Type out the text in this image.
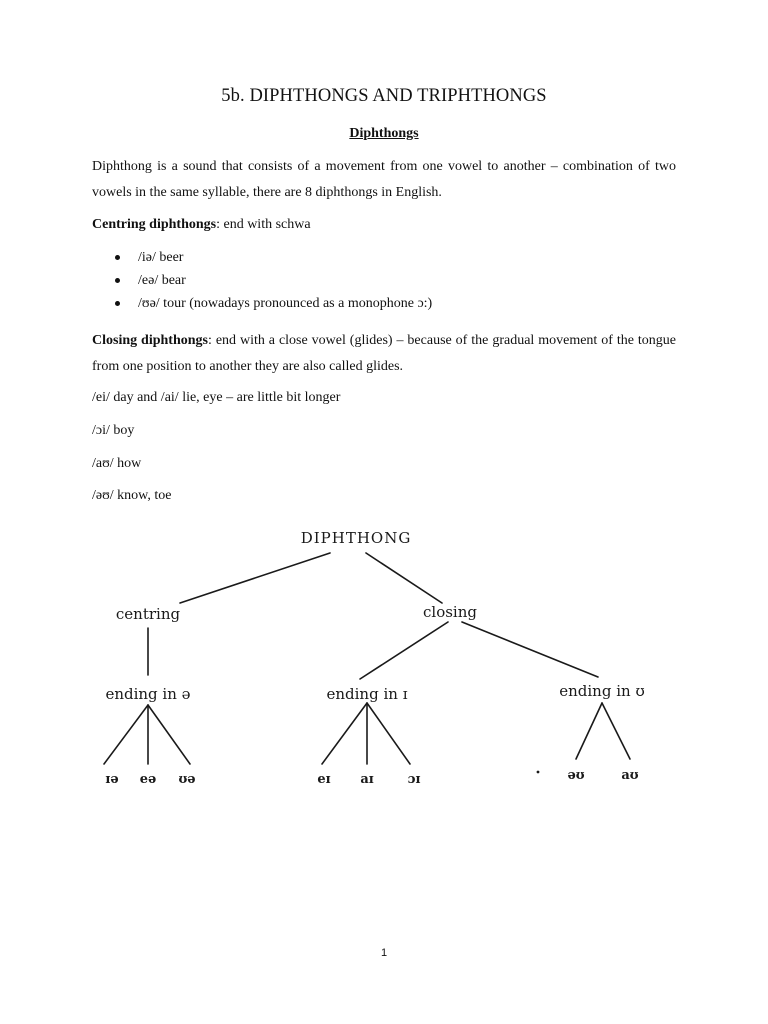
5b. DIPHTHONGS AND TRIPHTHONGS
Diphthongs

Diphthong is a sound that consists of a movement from one vowel to another – combination of two vowels in the same syllable, there are 8 diphthongs in English.

Centring diphthongs: end with schwa

/iə/ beer
/eə/ bear
/ʊə/ tour (nowadays pronounced as a monophone ɔ:)

Closing diphthongs: end with a close vowel (glides) – because of the gradual movement of the tongue from one position to another they are also called glides.

/ei/ day and /ai/ lie, eye – are little bit longer
/ɔi/ boy
/aʊ/ how
/əʊ/ know, toe
DIPHTHONG
centring	closing
ending in ə	ending in ɪ	ending in ʊ
ɪə eə ʊə	eɪ aɪ	ɔɪ	əʊ	aʊ
1
